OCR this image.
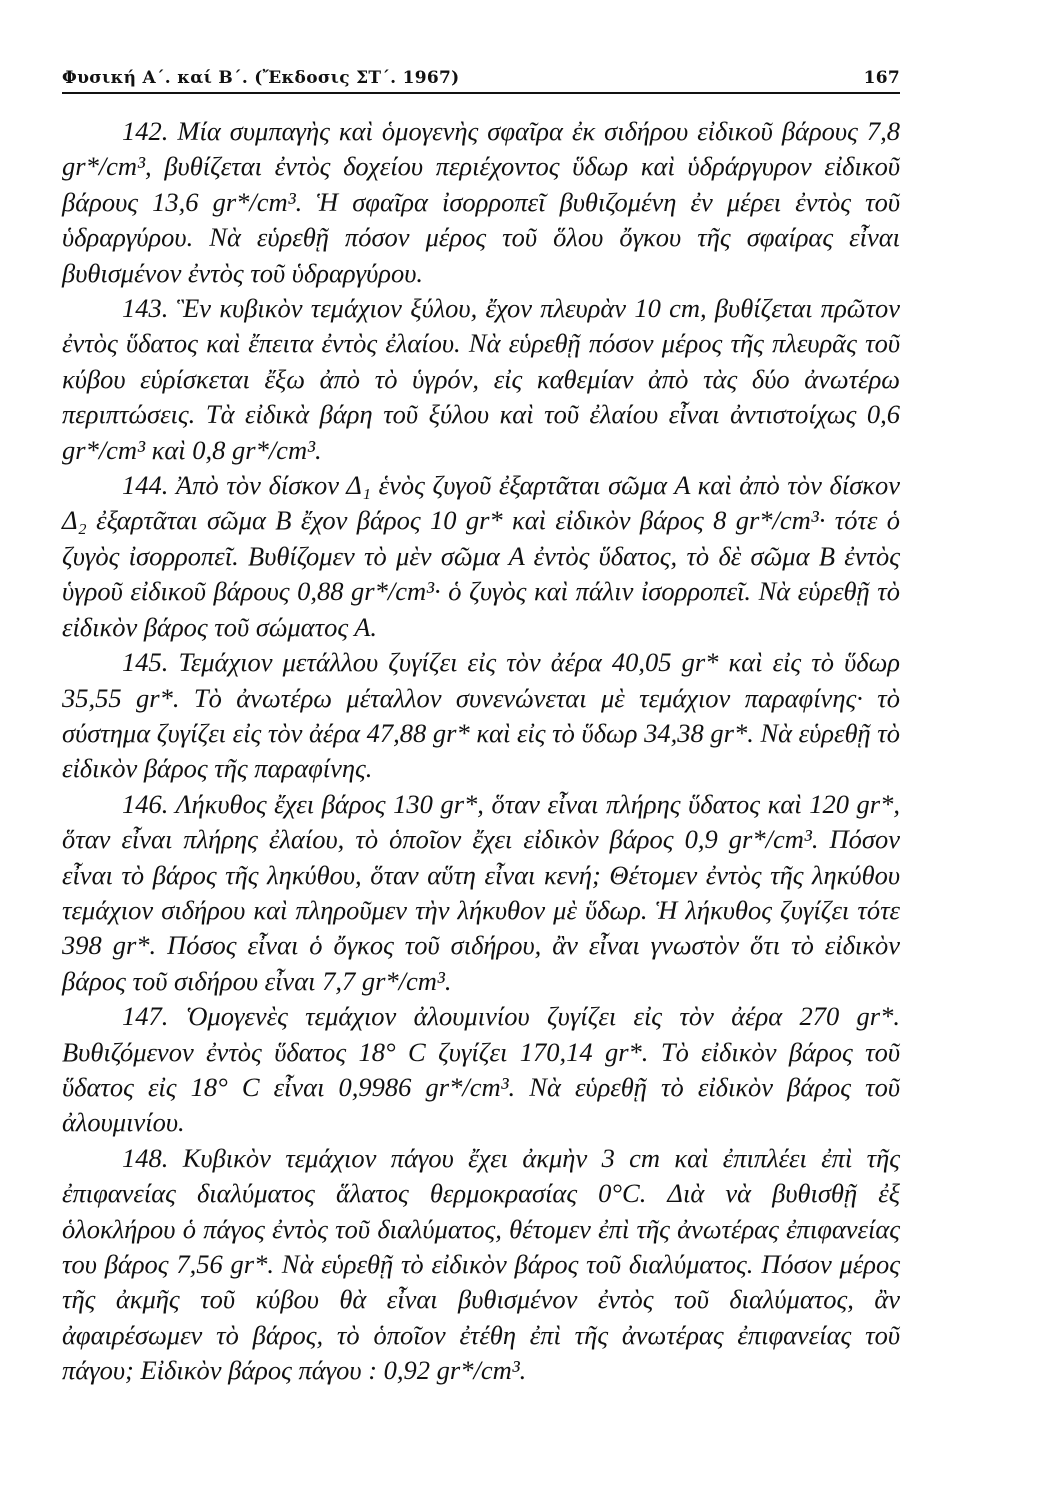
Φυσική Α΄. καί Β΄. (Ἔκδοσις ΣΤ΄. 1967)	167

142. Μία συμπαγὴς καὶ ὁμογενὴς σφαῖρα ἐκ σιδήρου εἰδικοῦ βάρους 7,8 gr*/cm³, βυθίζεται ἐντὸς δοχείου περιέχοντος ὕδωρ καὶ ὑδράργυρον εἰδικοῦ βάρους 13,6 gr*/cm³. Ἡ σφαῖρα ἰσορροπεῖ βυθιζομένη ἐν μέρει ἐντὸς τοῦ ὑδραργύρου. Νὰ εὑρεθῇ πόσον μέρος τοῦ ὅλου ὄγκου τῆς σφαίρας εἶναι βυθισμένον ἐντὸς τοῦ ὑδραργύρου.

143. Ἓν κυβικὸν τεμάχιον ξύλου, ἔχον πλευρὰν 10 cm, βυθίζεται πρῶτον ἐντὸς ὕδατος καὶ ἔπειτα ἐντὸς ἐλαίου. Νὰ εὑρεθῇ πόσον μέρος τῆς πλευρᾶς τοῦ κύβου εὑρίσκεται ἔξω ἀπὸ τὸ ὑγρόν, εἰς καθεμίαν ἀπὸ τὰς δύο ἀνωτέρω περιπτώσεις. Τὰ εἰδικὰ βάρη τοῦ ξύλου καὶ τοῦ ἐλαίου εἶναι ἀντιστοίχως 0,6 gr*/cm³ καὶ 0,8 gr*/cm³.

144. Ἀπὸ τὸν δίσκον Δ₁ ἑνὸς ζυγοῦ ἐξαρτᾶται σῶμα Α καὶ ἀπὸ τὸν δίσκον Δ₂ ἐξαρτᾶται σῶμα Β ἔχον βάρος 10 gr* καὶ εἰδικὸν βάρος 8 gr*/cm³· τότε ὁ ζυγὸς ἰσορροπεῖ. Βυθίζομεν τὸ μὲν σῶμα Α ἐντὸς ὕδατος, τὸ δὲ σῶμα Β ἐντὸς ὑγροῦ εἰδικοῦ βάρους 0,88 gr*/cm³· ὁ ζυγὸς καὶ πάλιν ἰσορροπεῖ. Νὰ εὑρεθῇ τὸ εἰδικὸν βάρος τοῦ σώματος Α.

145. Τεμάχιον μετάλλου ζυγίζει εἰς τὸν ἀέρα 40,05 gr* καὶ εἰς τὸ ὕδωρ 35,55 gr*. Τὸ ἀνωτέρω μέταλλον συνενώνεται μὲ τεμάχιον παραφίνης· τὸ σύστημα ζυγίζει εἰς τὸν ἀέρα 47,88 gr* καὶ εἰς τὸ ὕδωρ 34,38 gr*. Νὰ εὑρεθῇ τὸ εἰδικὸν βάρος τῆς παραφίνης.

146. Λήκυθος ἔχει βάρος 130 gr*, ὅταν εἶναι πλήρης ὕδατος καὶ 120 gr*, ὅταν εἶναι πλήρης ἐλαίου, τὸ ὁποῖον ἔχει εἰδικὸν βάρος 0,9 gr*/cm³. Πόσον εἶναι τὸ βάρος τῆς ληκύθου, ὅταν αὕτη εἶναι κενή; Θέτομεν ἐντὸς τῆς ληκύθου τεμάχιον σιδήρου καὶ πληροῦμεν τὴν λήκυθον μὲ ὕδωρ. Ἡ λήκυθος ζυγίζει τότε 398 gr*. Πόσος εἶναι ὁ ὄγκος τοῦ σιδήρου, ἂν εἶναι γνωστὸν ὅτι τὸ εἰδικὸν βάρος τοῦ σιδήρου εἶναι 7,7 gr*/cm³.

147. Ὁμογενὲς τεμάχιον ἀλουμινίου ζυγίζει εἰς τὸν ἀέρα 270 gr*. Βυθιζόμενον ἐντὸς ὕδατος 18° C ζυγίζει 170,14 gr*. Τὸ εἰδικὸν βάρος τοῦ ὕδατος εἰς 18° C εἶναι 0,9986 gr*/cm³. Νὰ εὑρεθῇ τὸ εἰδικὸν βάρος τοῦ ἀλουμινίου.

148. Κυβικὸν τεμάχιον πάγου ἔχει ἀκμὴν 3 cm καὶ ἐπιπλέει ἐπὶ τῆς ἐπιφανείας διαλύματος ἅλατος θερμοκρασίας 0°C. Διὰ νὰ βυθισθῇ ἐξ ὁλοκλήρου ὁ πάγος ἐντὸς τοῦ διαλύματος, θέτομεν ἐπὶ τῆς ἀνωτέρας ἐπιφανείας του βάρος 7,56 gr*. Νὰ εὑρεθῇ τὸ εἰδικὸν βάρος τοῦ διαλύματος. Πόσον μέρος τῆς ἀκμῆς τοῦ κύβου θὰ εἶναι βυθισμένον ἐντὸς τοῦ διαλύματος, ἂν ἀφαιρέσωμεν τὸ βάρος, τὸ ὁποῖον ἐτέθη ἐπὶ τῆς ἀνωτέρας ἐπιφανείας τοῦ πάγου; Εἰδικὸν βάρος πάγου : 0,92 gr*/cm³.
